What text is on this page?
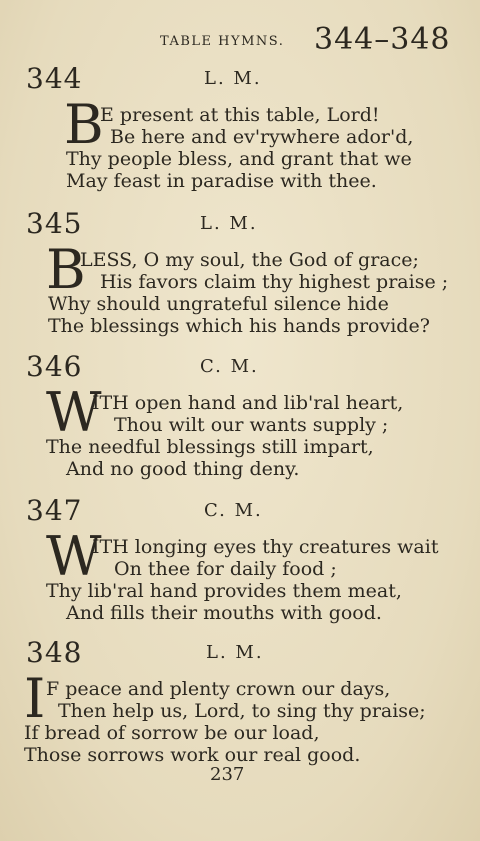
TABLE HYMNS. 344–348
344	L. M.
B
E present at this table, Lord!
Be here and ev'rywhere ador'd,
Thy people bless, and grant that we
May feast in paradise with thee.
345	L. M.
B
LESS, O my soul, the God of grace;
His favors claim thy highest praise ;
Why should ungrateful silence hide
The blessings which his hands provide?
346	C. M.
W
ITH open hand and lib'ral heart,
Thou wilt our wants supply ;
The needful blessings still impart,
And no good thing deny.
347	C. M.
W
ITH longing eyes thy creatures wait
On thee for daily food ;
Thy lib'ral hand provides them meat,
And fills their mouths with good.
348	L. M.
I F peace and plenty crown our days,
Then help us, Lord, to sing thy praise;
If bread of sorrow be our load,
Those sorrows work our real good.
237
